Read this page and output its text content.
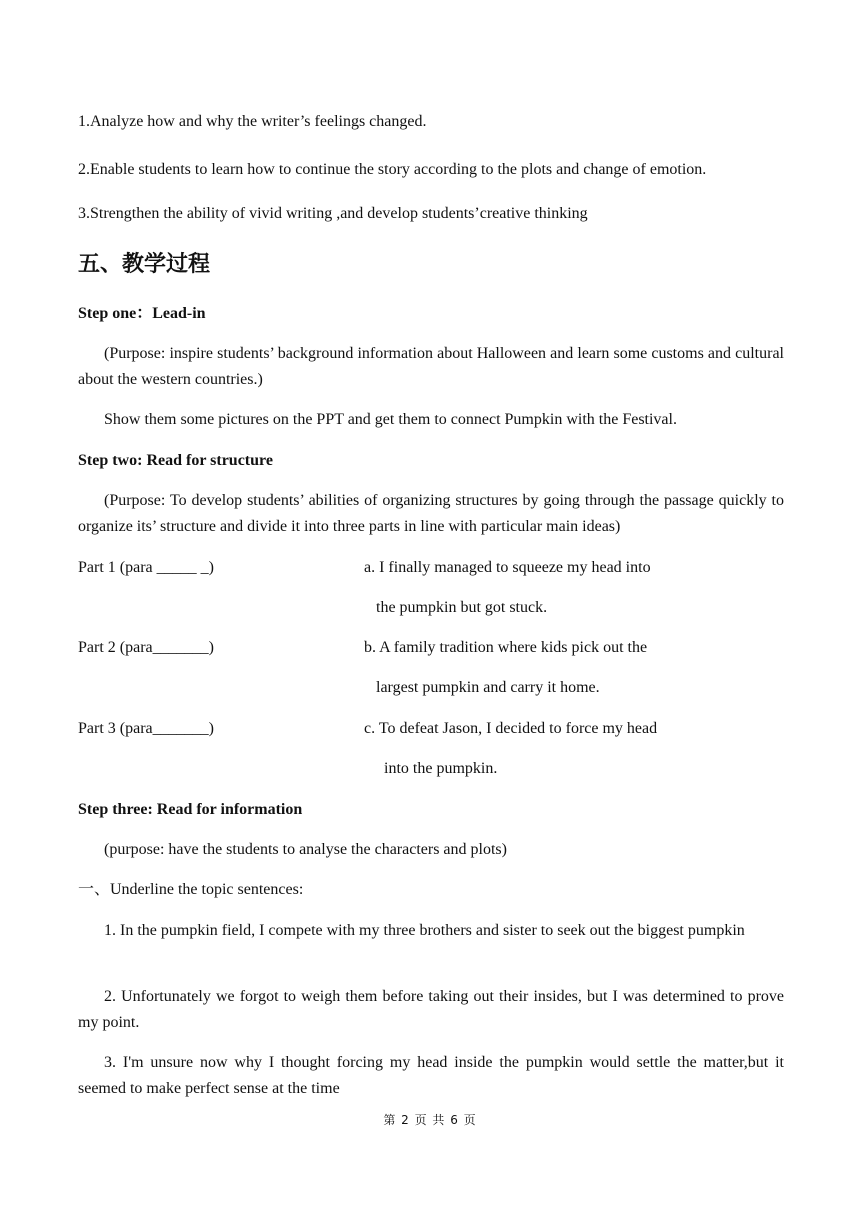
1.Analyze how and why the writer’s feelings changed.
2.Enable students to learn how to continue the story according to the plots and change of emotion.
3.Strengthen the ability of vivid writing ,and develop students’creative thinking
五、教学过程
Step one：Lead-in
(Purpose: inspire students’ background information about Halloween and learn some customs and cultural about the western countries.)
Show them some pictures on the PPT and get them to connect Pumpkin with the Festival.
Step two: Read for structure
(Purpose: To develop students’ abilities of organizing structures by going through the passage quickly to organize its’ structure and divide it into three parts in line with particular main ideas)
Part 1 (para _____ _)	a. I finally managed to squeeze my head into
the pumpkin but got stuck.
Part 2 (para_______)	b. A family tradition where kids pick out the
largest pumpkin and carry it home.
Part 3 (para_______)	c. To defeat Jason, I decided to force my head
into the pumpkin.
Step three: Read for information
(purpose: have the students to analyse the characters and plots)
一、Underline the topic sentences:
1. In the pumpkin field, I compete with my three brothers and sister to seek out the biggest pumpkin
2. Unfortunately we forgot to weigh them before taking out their insides, but I was determined to prove my point.
3. I'm unsure now why I thought forcing my head inside the pumpkin would settle the matter,but it seemed to make perfect sense at the time
第 2 页 共 6 页
